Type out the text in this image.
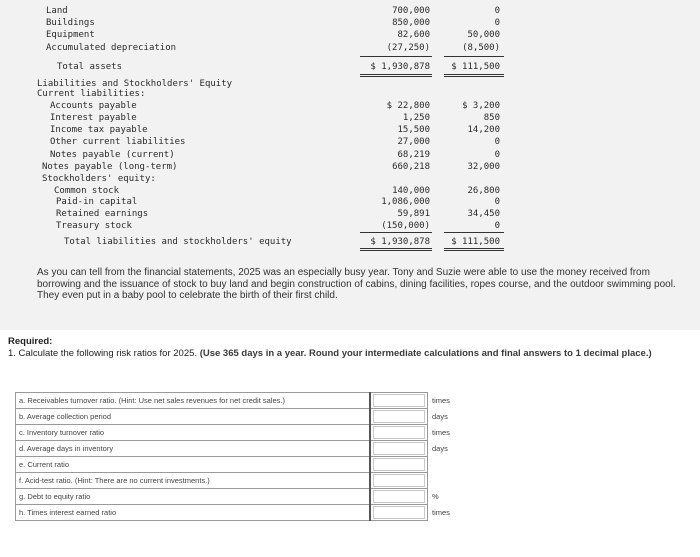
Land	700,000	0
Buildings	850,000	0
Equipment	82,600	50,000
Accumulated depreciation	(27,250)	(8,500)
Total assets	$ 1,930,878	$ 111,500
Liabilities and Stockholders' Equity
Current liabilities:
Accounts payable	$ 22,800	$ 3,200
Interest payable	1,250	850
Income tax payable	15,500	14,200
Other current liabilities	27,000	0
Notes payable (current)	68,219	0
Notes payable (long-term)	660,218	32,000
Stockholders' equity:
Common stock	140,000	26,800
Paid-in capital	1,086,000	0
Retained earnings	59,891	34,450
Treasury stock	(150,000)	0
Total liabilities and stockholders' equity	$ 1,930,878	$ 111,500
As you can tell from the financial statements, 2025 was an especially busy year. Tony and Suzie were able to use the money received from borrowing and the issuance of stock to buy land and begin construction of cabins, dining facilities, ropes course, and the outdoor swimming pool. They even put in a baby pool to celebrate the birth of their first child.
Required:
1. Calculate the following risk ratios for 2025. (Use 365 days in a year. Round your intermediate calculations and final answers to 1 decimal place.)
a. Receivables turnover ratio. (Hint: Use net sales revenues for net credit sales.)		times
b. Average collection period		days
c. Inventory turnover ratio		times
d. Average days in inventory		days
e. Current ratio	

f. Acid-test ratio. (Hint: There are no current investments.)	

g. Debt to equity ratio		%
h. Times interest earned ratio		times
